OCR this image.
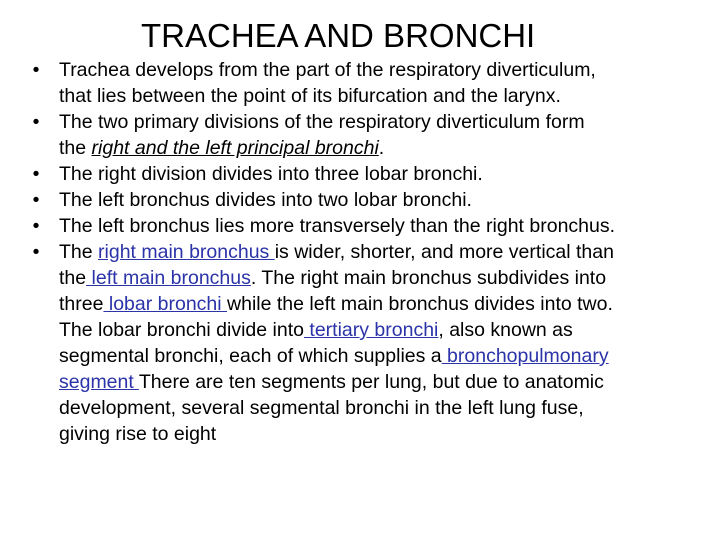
TRACHEA AND BRONCHI
• Trachea develops from the part of the respiratory diverticulum,
that lies between the point of its bifurcation and the larynx.
• The two primary divisions of the respiratory diverticulum form
the right and the left principal bronchi.
• The right division divides into three lobar bronchi.
• The left bronchus divides into two lobar bronchi.
• The left bronchus lies more transversely than the right bronchus.
• The right main bronchus is wider, shorter, and more vertical than
the left main bronchus. The right main bronchus subdivides into
three lobar bronchi while the left main bronchus divides into two.
The lobar bronchi divide into tertiary bronchi, also known as
segmental bronchi, each of which supplies a bronchopulmonary
segment There are ten segments per lung, but due to anatomic
development, several segmental bronchi in the left lung fuse,
giving rise to eight
